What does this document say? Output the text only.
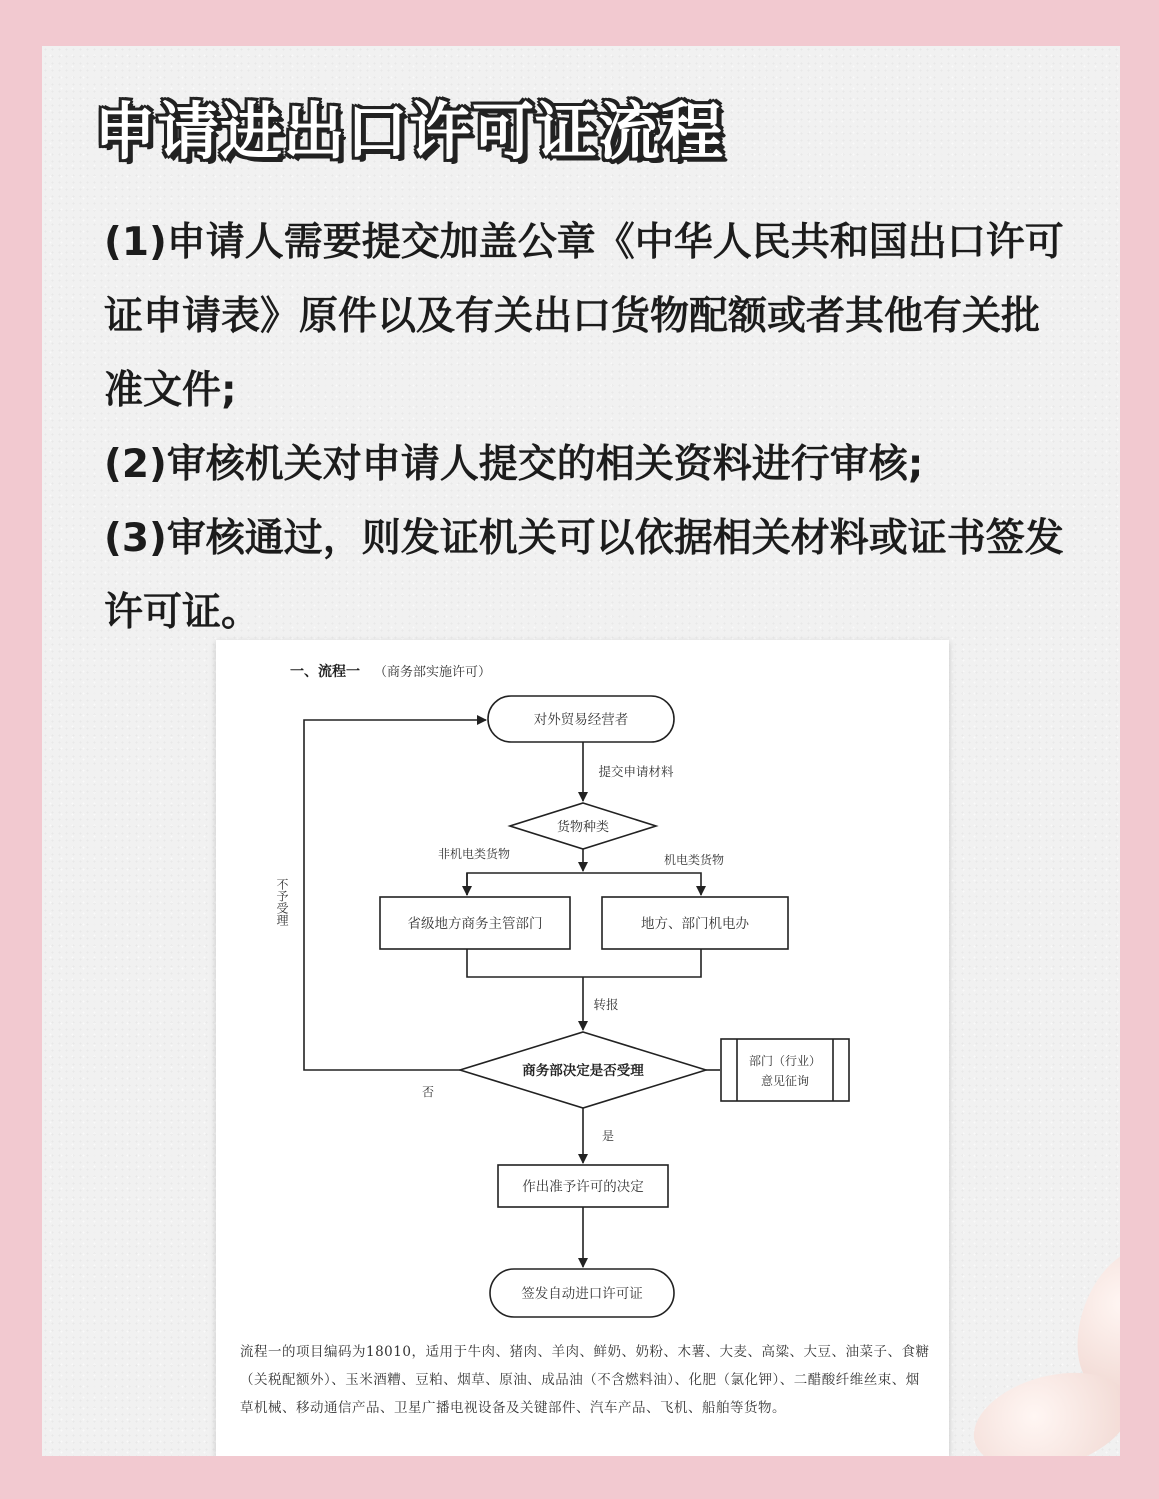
申请进出口许可证流程

(1)申请人需要提交加盖公章《中华人民共和国出口许可证申请表》原件以及有关出口货物配额或者其他有关批准文件;

(2)审核机关对申请人提交的相关资料进行审核;

(3)审核通过，则发证机关可以依据相关材料或证书签发许可证。

一、流程一 （商务部实施许可）
对外贸易经营者
提交申请材料
货物种类
非机电类货物	机电类货物
省级地方商务主管部门	地方、部门机电办
转报
商务部决定是否受理
部门（行业）
意见征询
否
不予受理
是
作出准予许可的决定
签发自动进口许可证

流程一的项目编码为18010，适用于牛肉、猪肉、羊肉、鲜奶、奶粉、木薯、大麦、高粱、大豆、油菜子、食糖（关税配额外）、玉米酒糟、豆粕、烟草、原油、成品油（不含燃料油）、化肥（氯化钾）、二醋酸纤维丝束、烟草机械、移动通信产品、卫星广播电视设备及关键部件、汽车产品、飞机、船舶等货物。
